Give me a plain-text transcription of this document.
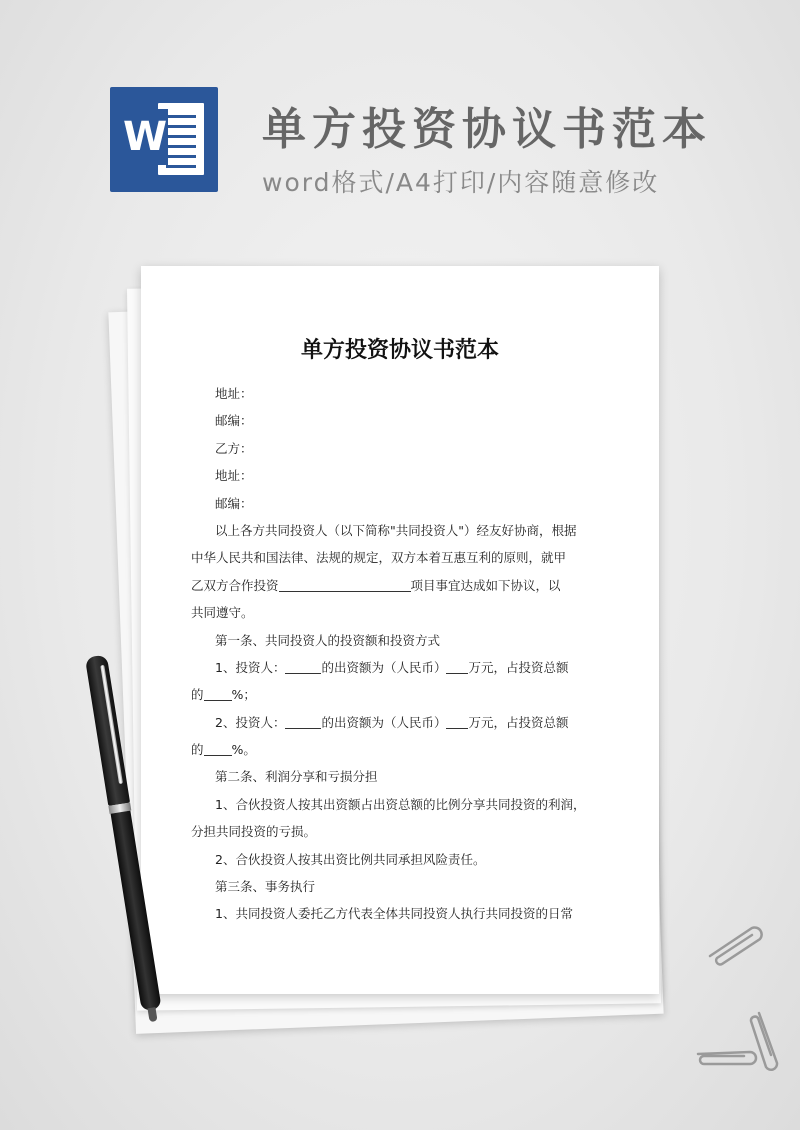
W 单方投资协议书范本
word格式/A4打印/内容随意修改
单方投资协议书范本
地址：
邮编：
乙方：
地址：
邮编：
以上各方共同投资人（以下简称"共同投资人"）经友好协商，根据
中华人民共和国法律、法规的规定，双方本着互惠互利的原则，就甲
乙双方合作投资	项目事宜达成如下协议，以
共同遵守。
第一条、共同投资人的投资额和投资方式
1、投资人：	的出资额为（人民币） 万元，占投资总额
的 %；
2、投资人：	的出资额为（人民币） 万元，占投资总额
的 %。
第二条、利润分享和亏损分担
1、合伙投资人按其出资额占出资总额的比例分享共同投资的利润，
分担共同投资的亏损。
2、合伙投资人按其出资比例共同承担风险责任。
第三条、事务执行
1、共同投资人委托乙方代表全体共同投资人执行共同投资的日常
